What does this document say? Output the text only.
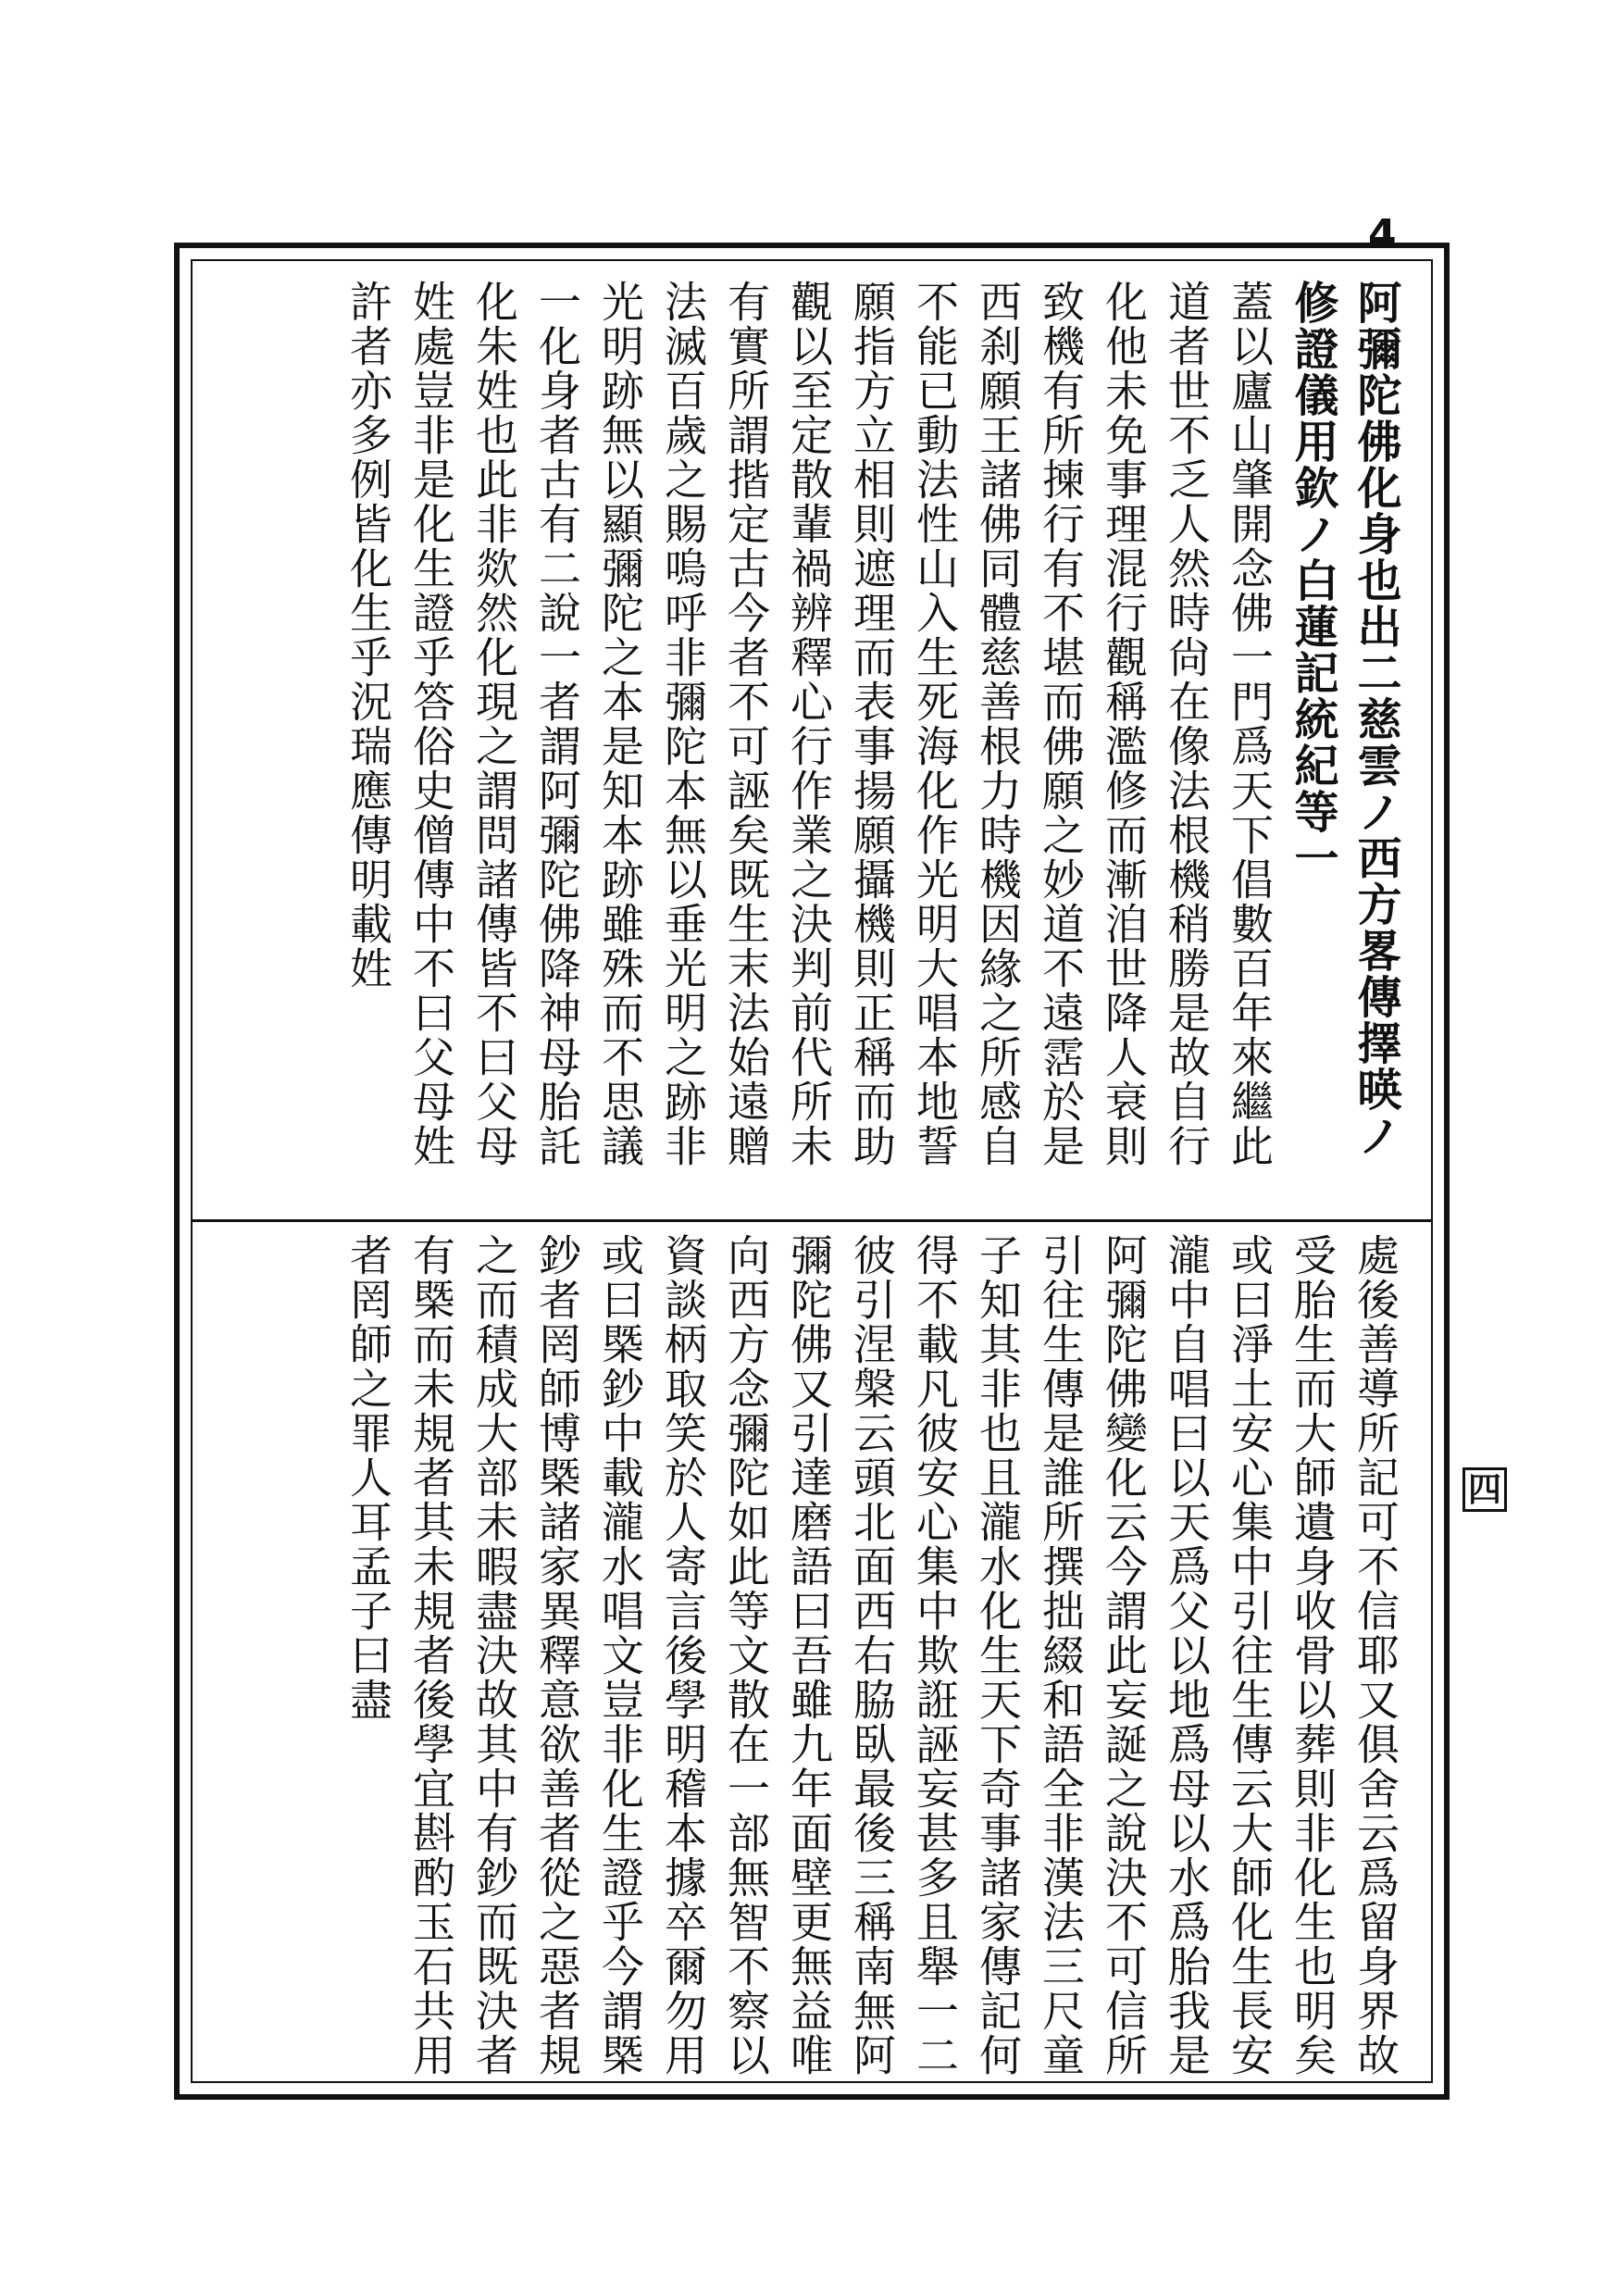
4

阿彌陀佛化身也出二慈雲ノ西方畧傳擇暎ノ修證儀用欽ノ白蓮記統紀等一

蓋以廬山肇開念佛一門爲天下倡數百年來繼此道者世不乏人然時尙在像法根機稍勝是故自行化他未免事理混行觀稱濫修而漸洎世降人衰則致機有所揀行有不堪而佛願之妙道不遠霑於是西刹願王諸佛同體慈善根力時機因緣之所感自不能已動法性山入生死海化作光明大唱本地誓願指方立相則遮理而表事揚願攝機則正稱而助觀以至定散輩禍辨釋心行作業之決判前代所未有實所謂揩定古今者不可誣矣既生末法始遠贈法滅百歲之賜嗚呼非彌陀本無以垂光明之跡非光明跡無以顯彌陀之本是知本跡雖殊而不思議一化身者古有二說一者謂阿彌陀佛降神母胎託化朱姓也此非欻然化現之謂問諸傳皆不曰父母姓處豈非是化生證乎答俗史僧傳中不曰父母姓許者亦多例皆化生乎況瑞應傳明載姓

處後善導所記可不信耶又俱舍云爲留身界故受胎生而大師遺身收骨以葬則非化生也明矣或曰淨土安心集中引往生傳云大師化生長安瀧中自唱曰以天爲父以地爲母以水爲胎我是阿彌陀佛變化云今謂此妄誕之說決不可信所引往生傳是誰所撰拙綴和語全非漢法三尺童子知其非也且瀧水化生天下奇事諸家傳記何得不載凡彼安心集中欺誑誣妄甚多且舉一二彼引涅槃云頭北面西右脇臥最後三稱南無阿彌陀佛又引達磨語曰吾雖九年面壁更無益唯向西方念彌陀如此等文散在一部無智不察以資談柄取笑於人寄言後學明稽本據卒爾勿用或曰槩鈔中載瀧水唱文豈非化生證乎今謂槩鈔者罔師博槩諸家異釋意欲善者從之惡者規之而積成大部未暇盡決故其中有鈔而既決者有槩而未規者其未規者後學宜斟酌玉石共用者罔師之罪人耳孟子曰盡	四
